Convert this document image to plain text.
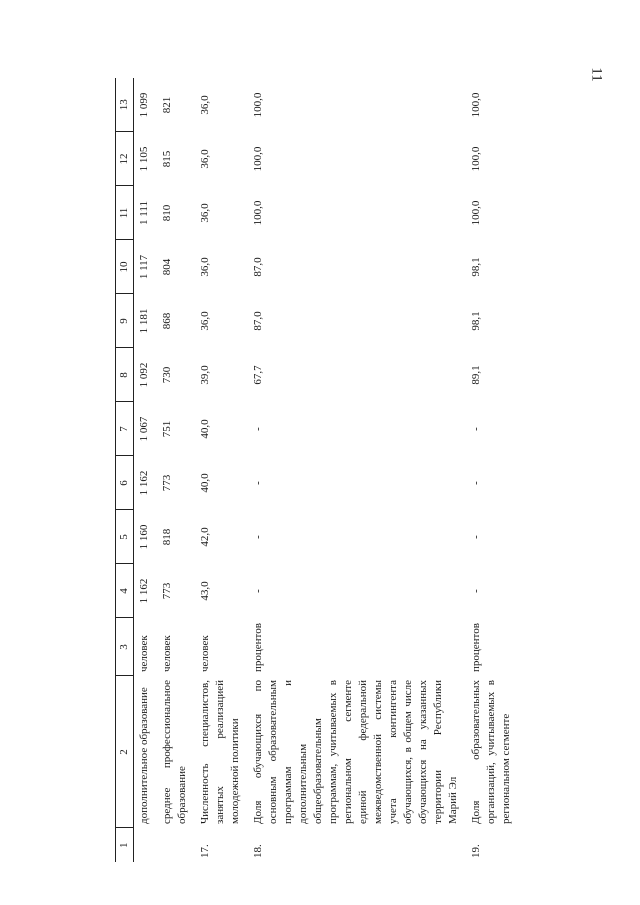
11
1	2	3	4	5	6	7	8	9	10	11	12	13
	дополнительное образование	человек	1 162	1 160	1 162	1 067	1 092	1 181	1 117	1 111	1 105	1 099
	среднее профессиональное образование	человек	773	818	773	751	730	868	804	810	815	821
17.	Численность специалистов, занятых реализацией молодежной политики	человек	43,0	42,0	40,0	40,0	39,0	36,0	36,0	36,0	36,0	36,0
18.	Доля обучающихся по основным образовательным программам и дополнительным общеобразовательным программам, учитываемых в региональном сегменте единой федеральной межведомственной системы учета контингента обучающихся, в общем числе обучающихся на указанных территории Республики Марий Эл	процентов	-	-	-	-	67,7	87,0	87,0	100,0	100,0	100,0
19.	Доля образовательных организаций, учитываемых в региональном сегменте	процентов	-	-	-	-	89,1	98,1	98,1	100,0	100,0	100,0
